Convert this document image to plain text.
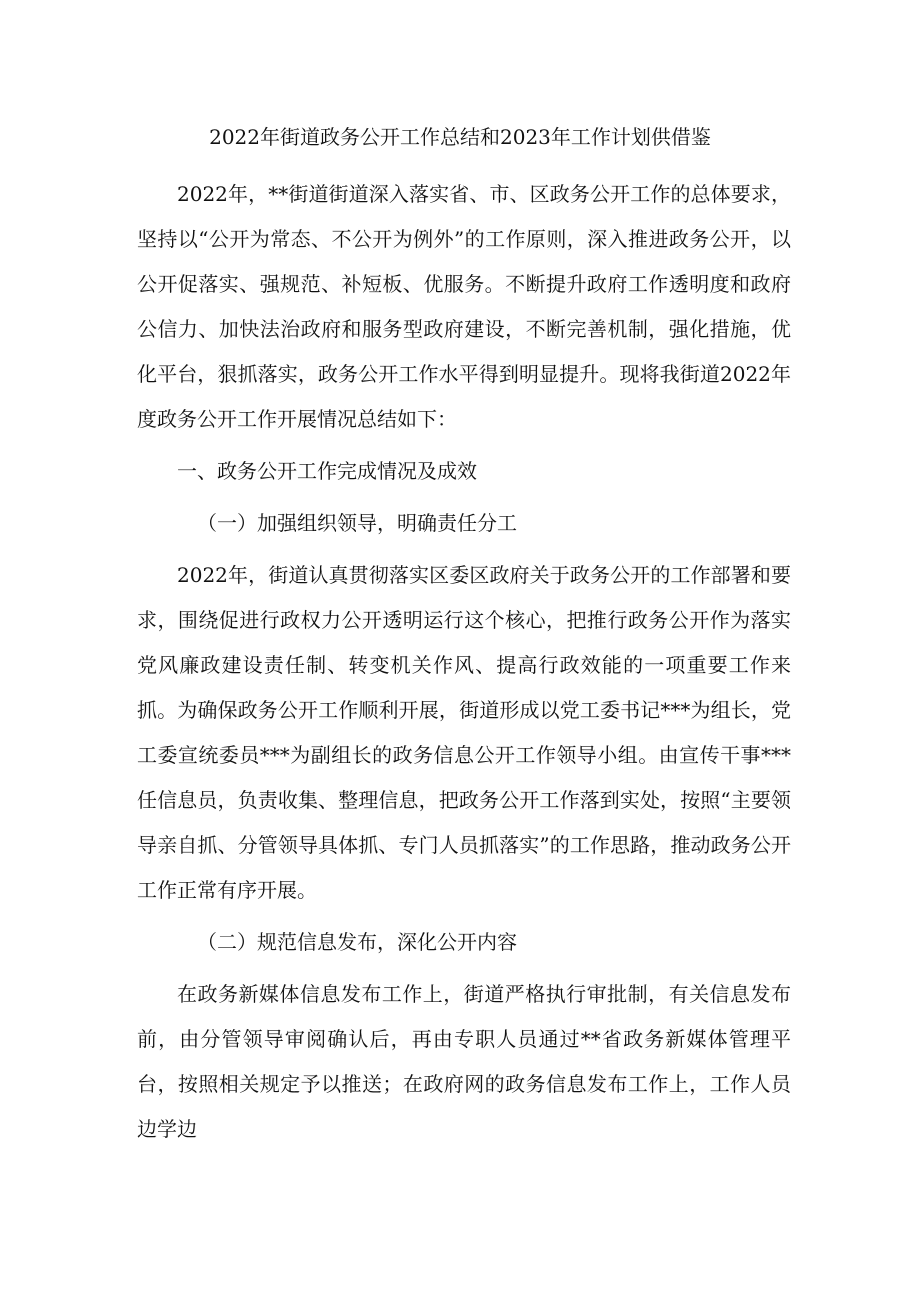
2022年街道政务公开工作总结和2023年工作计划供借鉴

2022年，**街道街道深入落实省、市、区政务公开工作的总体要求，坚持以“公开为常态、不公开为例外”的工作原则，深入推进政务公开，以公开促落实、强规范、补短板、优服务。不断提升政府工作透明度和政府公信力、加快法治政府和服务型政府建设，不断完善机制，强化措施，优化平台，狠抓落实，政务公开工作水平得到明显提升。现将我街道2022年度政务公开工作开展情况总结如下：

一、政务公开工作完成情况及成效

（一）加强组织领导，明确责任分工

2022年，街道认真贯彻落实区委区政府关于政务公开的工作部署和要求，围绕促进行政权力公开透明运行这个核心，把推行政务公开作为落实党风廉政建设责任制、转变机关作风、提高行政效能的一项重要工作来抓。为确保政务公开工作顺利开展，街道形成以党工委书记***为组长，党工委宣统委员***为副组长的政务信息公开工作领导小组。由宣传干事***任信息员，负责收集、整理信息，把政务公开工作落到实处，按照“主要领导亲自抓、分管领导具体抓、专门人员抓落实”的工作思路，推动政务公开工作正常有序开展。

（二）规范信息发布，深化公开内容

在政务新媒体信息发布工作上，街道严格执行审批制，有关信息发布前，由分管领导审阅确认后，再由专职人员通过**省政务新媒体管理平台，按照相关规定予以推送；在政府网的政务信息发布工作上，工作人员边学边
